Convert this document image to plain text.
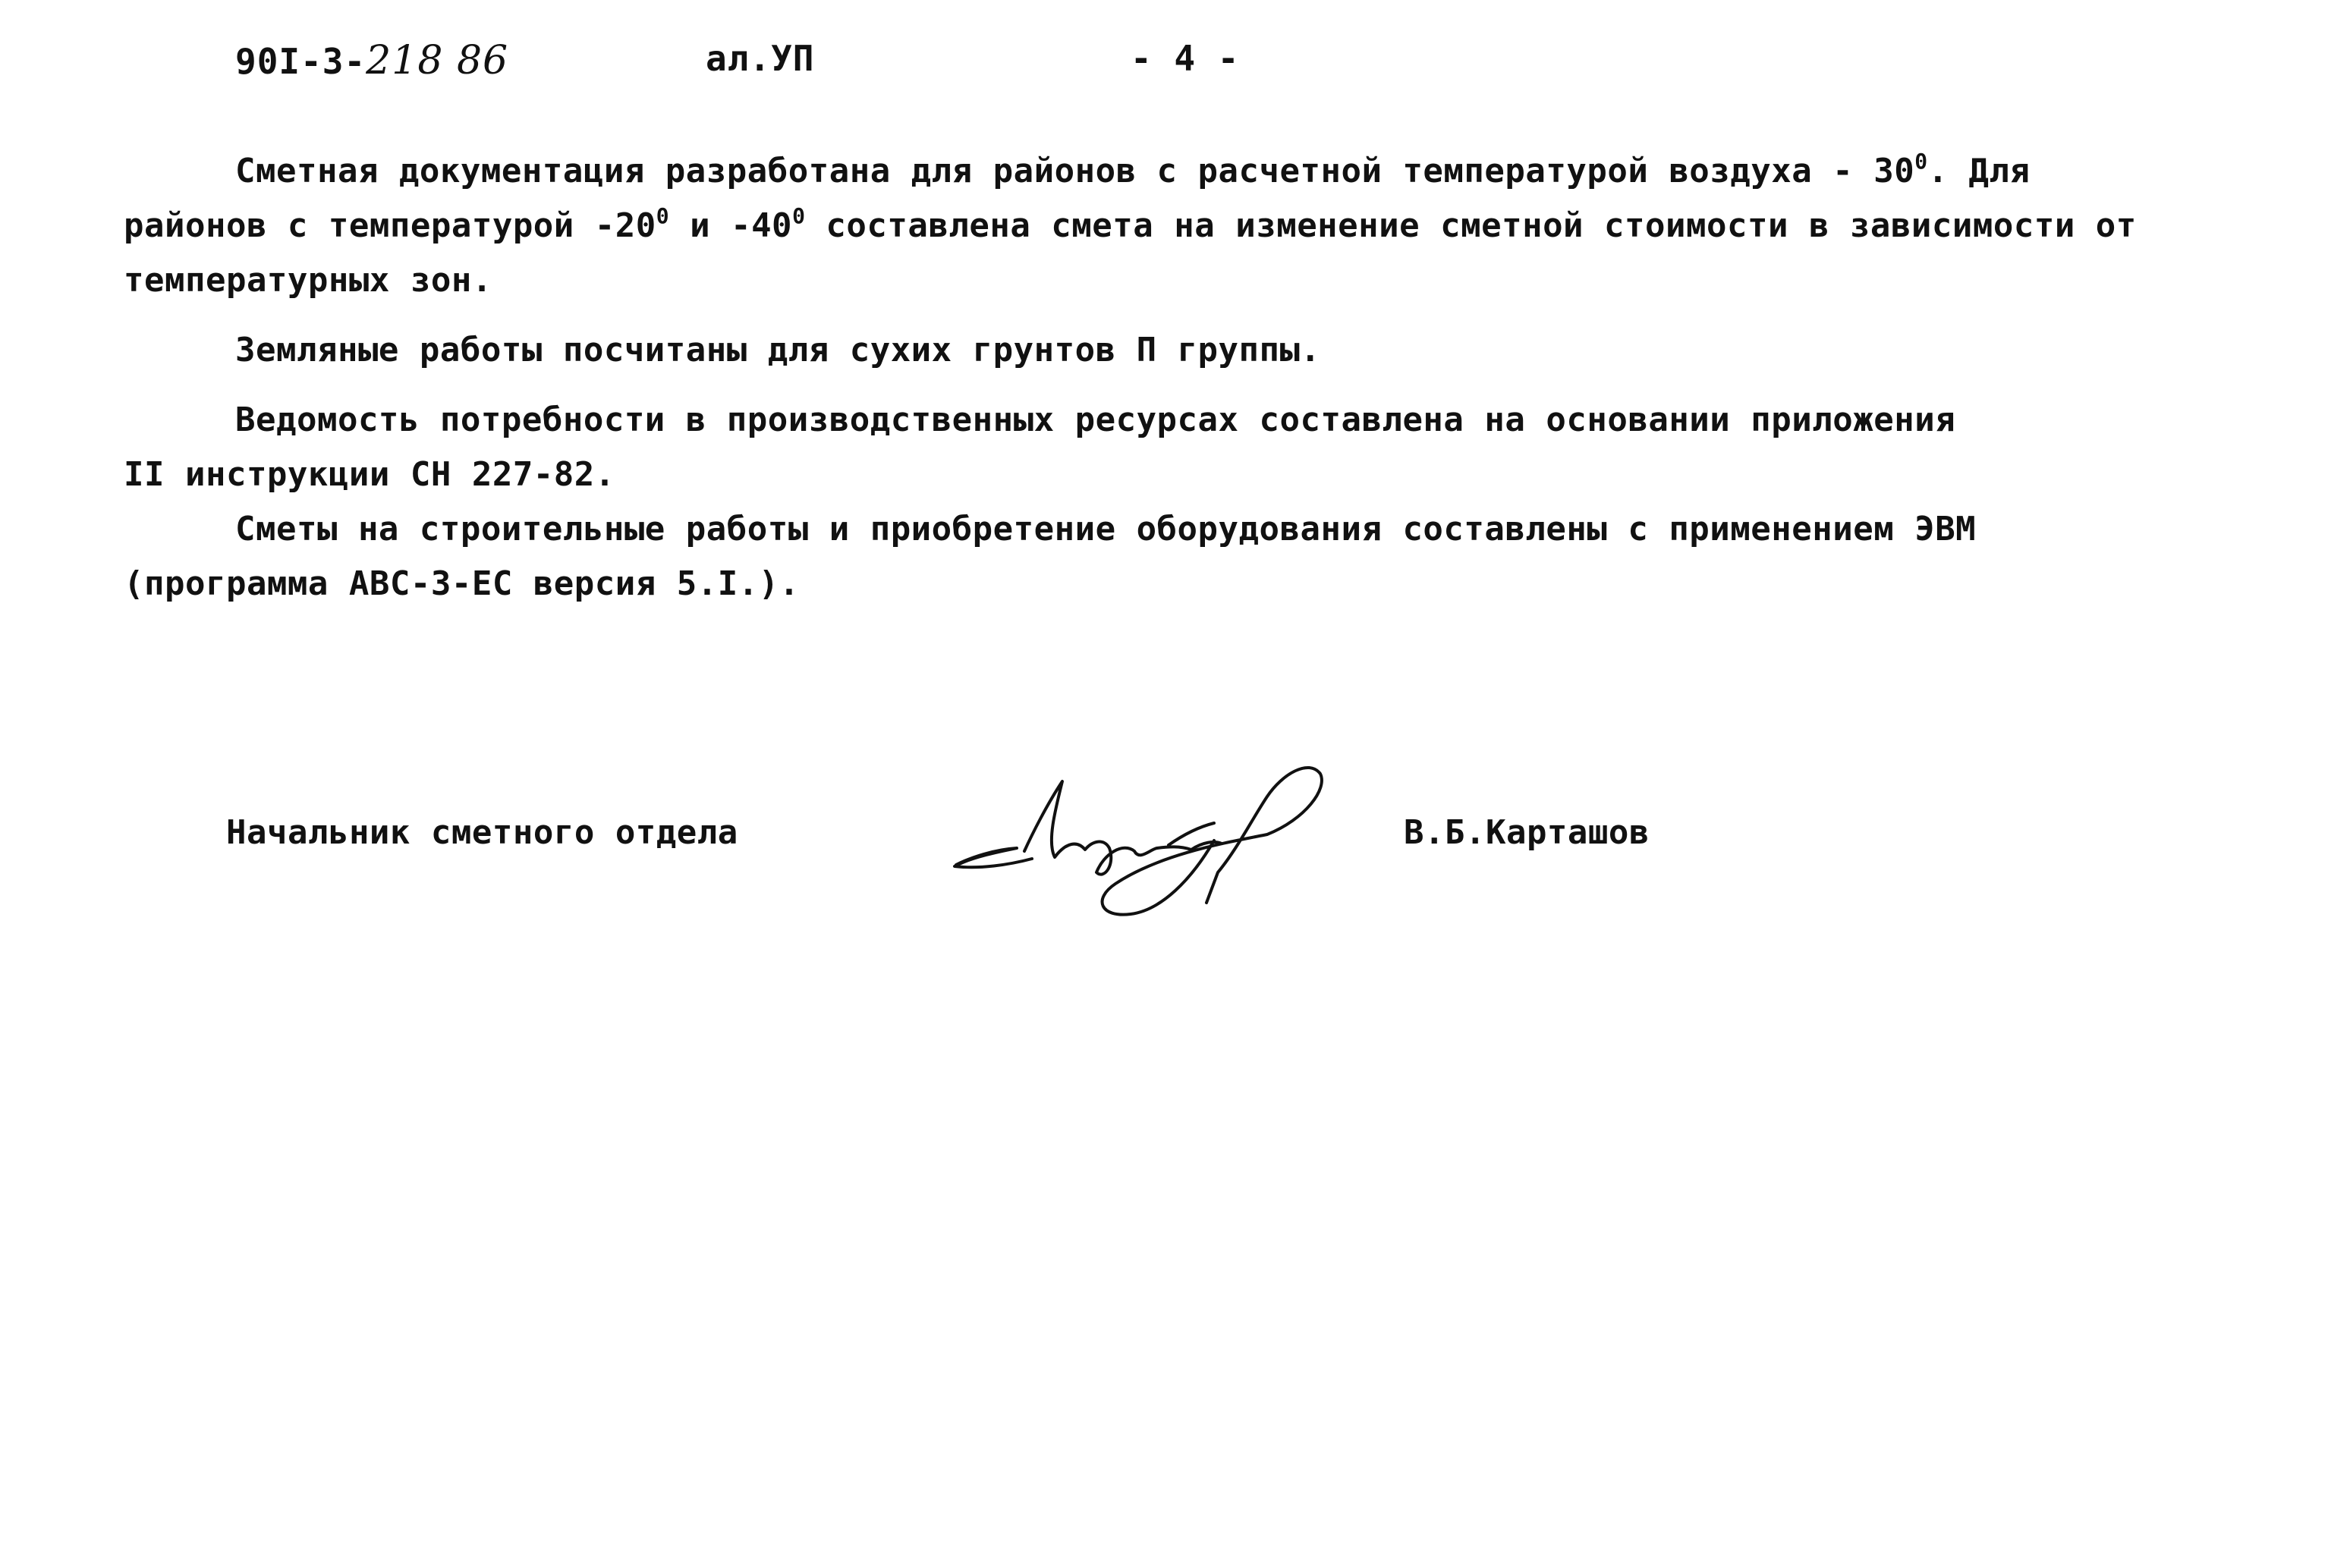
90I-3-218 86	ал.УП	- 4 -
Сметная документация разработана для районов с расчетной температурой воздуха - $30^0$. Для
районов с температурой $-20^0$ и $-40^0$ составлена смета на изменение сметной стоимости в зависимости от
температурных зон.
Земляные работы посчитаны для сухих грунтов П группы.
Ведомость потребности в производственных ресурсах составлена на основании приложения
II инструкции СН 227-82.
Сметы на строительные работы и приобретение оборудования составлены с применением ЭВМ
(программа АВС-3-ЕС версия 5.I.).
Начальник сметного отдела	В.Б.Карташов
